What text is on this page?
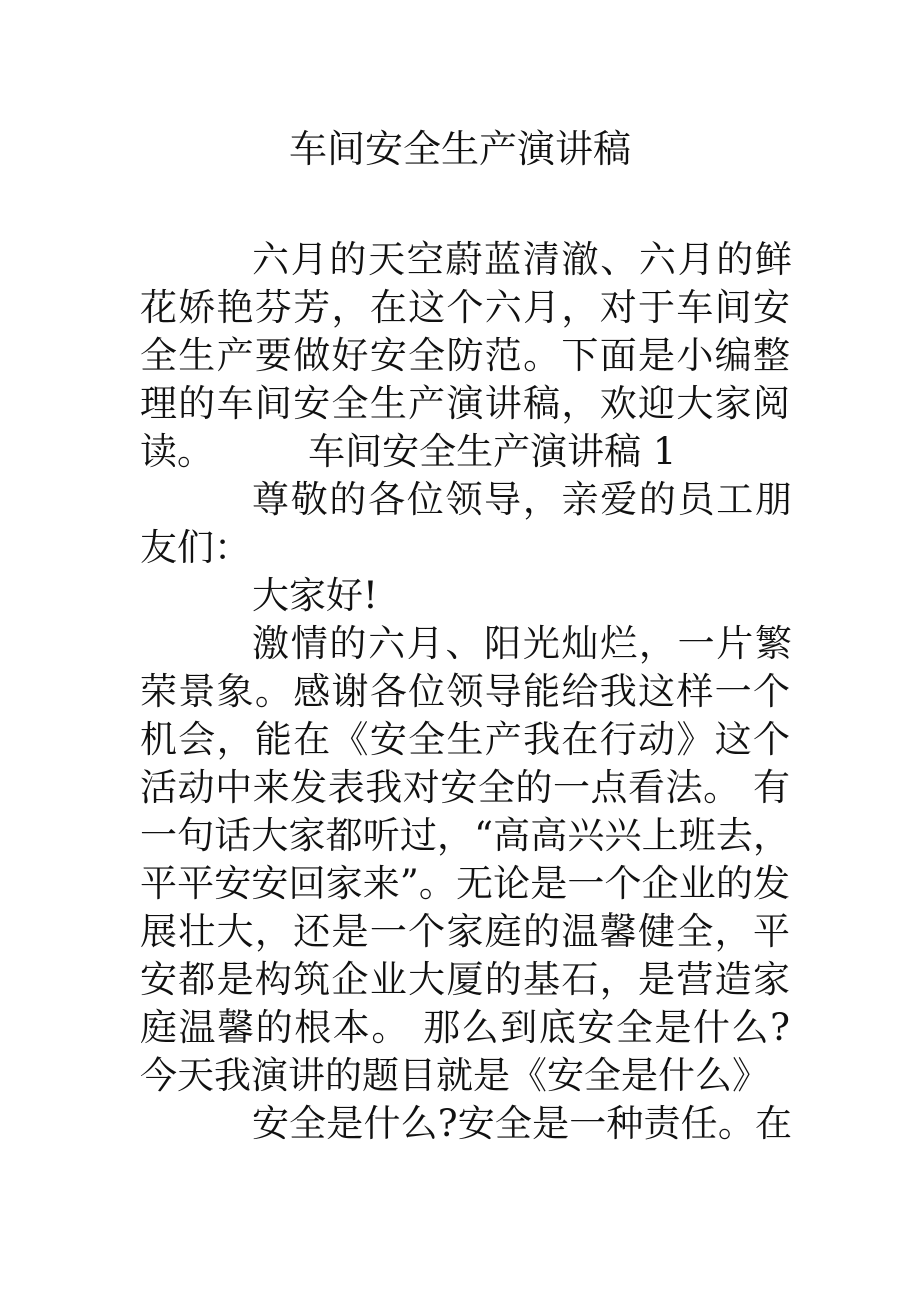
车间安全生产演讲稿
六月的天空蔚蓝清澈、六月的鲜
花娇艳芬芳，在这个六月，对于车间安
全生产要做好安全防范。下面是小编整
理的车间安全生产演讲稿，欢迎大家阅
读。        车间安全生产演讲稿 1
尊敬的各位领导，亲爱的员工朋
友们：
大家好!
激情的六月、阳光灿烂，一片繁
荣景象。感谢各位领导能给我这样一个
机会，能在《安全生产我在行动》这个
活动中来发表我对安全的一点看法。 有
一句话大家都听过，“高高兴兴上班去，
平平安安回家来”。无论是一个企业的发
展壮大，还是一个家庭的温馨健全，平
安都是构筑企业大厦的基石，是营造家
庭温馨的根本。 那么到底安全是什么?
今天我演讲的题目就是《安全是什么》
安全是什么?安全是一种责任。在
